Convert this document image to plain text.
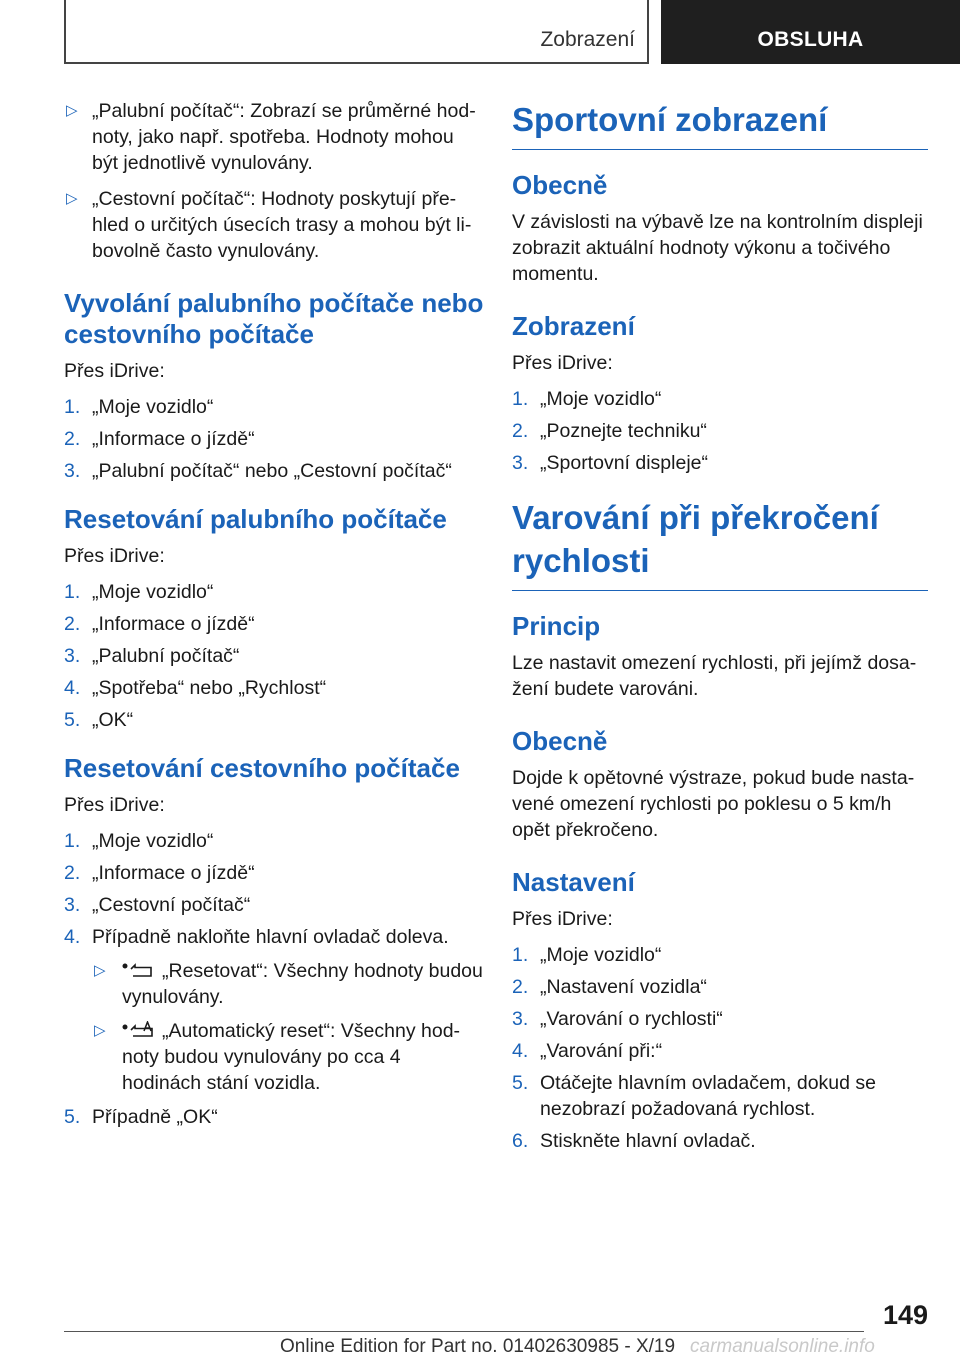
Zobrazení	OBSLUHA
▷ „Palubní počítač“: Zobrazí se průměrné hodnoty, jako např. spotřeba. Hodnoty mohou být jednotlivě vynulovány.
▷ „Cestovní počítač“: Hodnoty poskytují přehled o určitých úsecích trasy a mohou být libovolně často vynulovány.
Vyvolání palubního počítače nebo cestovního počítače
Přes iDrive:
1. „Moje vozidlo“
2. „Informace o jízdě“
3. „Palubní počítač“ nebo „Cestovní počítač“
Resetování palubního počítače
Přes iDrive:
1. „Moje vozidlo“
2. „Informace o jízdě“
3. „Palubní počítač“
4. „Spotřeba“ nebo „Rychlost“
5. „OK“
Resetování cestovního počítače
Přes iDrive:
1. „Moje vozidlo“
2. „Informace o jízdě“
3. „Cestovní počítač“
4. Případně nakloňte hlavní ovladač doleva.
▷	„Resetovat“: Všechny hodnoty budou vynulovány.
▷	„Automatický reset“: Všechny hodnoty budou vynulovány po cca 4 hodinách stání vozidla.
5. Případně „OK“
Sportovní zobrazení
Obecně
V závislosti na výbavě lze na kontrolním displeji zobrazit aktuální hodnoty výkonu a točivého momentu.
Zobrazení
Přes iDrive:
1. „Moje vozidlo“
2. „Poznejte techniku“
3. „Sportovní displeje“
Varování při překročení rychlosti
Princip
Lze nastavit omezení rychlosti, při jejímž dosažení budete varováni.
Obecně
Dojde k opětovné výstraze, pokud bude nastavené omezení rychlosti po poklesu o 5 km/h opět překročeno.
Nastavení
Přes iDrive:
1. „Moje vozidlo“
2. „Nastavení vozidla“
3. „Varování o rychlosti“
4. „Varování při:“
5. Otáčejte hlavním ovladačem, dokud se nezobrazí požadovaná rychlost.
6. Stiskněte hlavní ovladač.
149
Online Edition for Part no. 01402630985 - X/19 carmanualsonline.info
